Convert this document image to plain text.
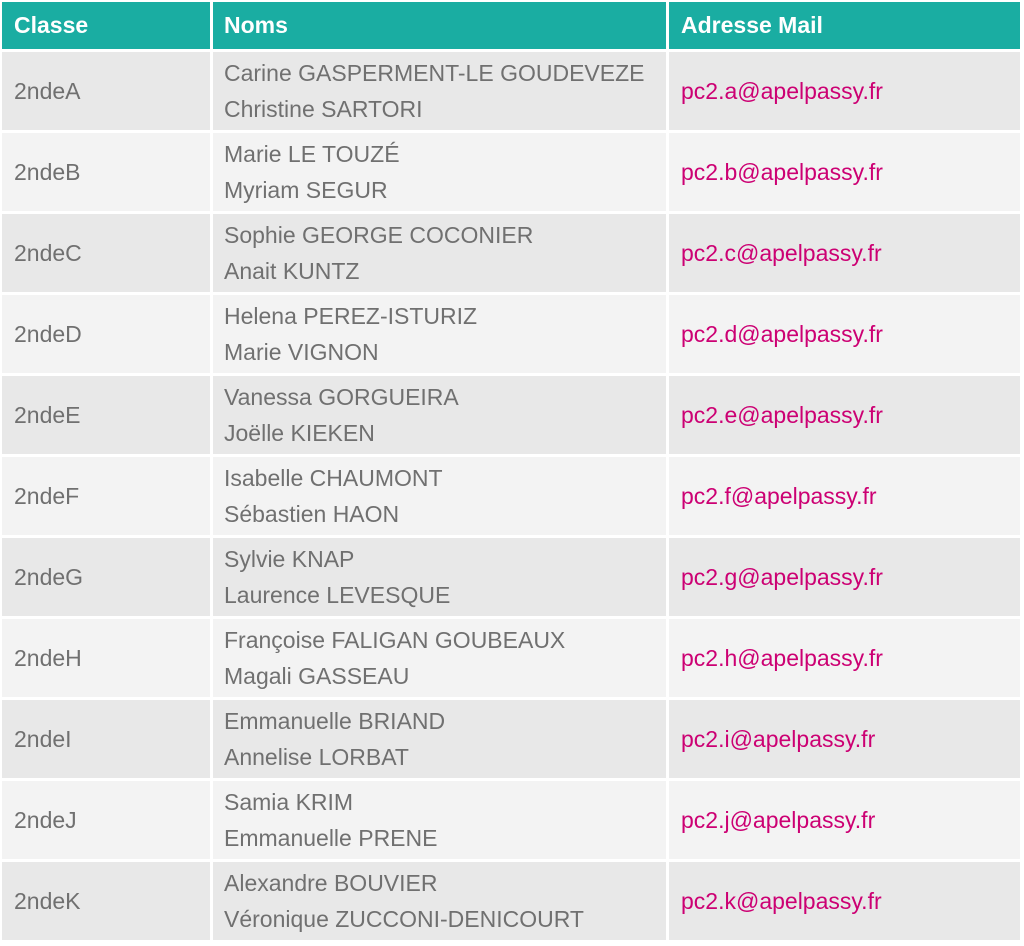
Classe	Noms	Adresse Mail
2ndeA
Carine GASPERMENT-LE GOUDEVEZE
Christine SARTORI
pc2.a@apelpassy.fr
2ndeB
Marie LE TOUZÉ
Myriam SEGUR
pc2.b@apelpassy.fr
2ndeC
Sophie GEORGE COCONIER
Anait KUNTZ
pc2.c@apelpassy.fr
2ndeD
Helena PEREZ-ISTURIZ
Marie VIGNON
pc2.d@apelpassy.fr
2ndeE
Vanessa GORGUEIRA
Joëlle KIEKEN
pc2.e@apelpassy.fr
2ndeF
Isabelle CHAUMONT
Sébastien HAON
pc2.f@apelpassy.fr
2ndeG
Sylvie KNAP
Laurence LEVESQUE
pc2.g@apelpassy.fr
2ndeH
Françoise FALIGAN GOUBEAUX
Magali GASSEAU
pc2.h@apelpassy.fr
2ndeI
Emmanuelle BRIAND
Annelise LORBAT
pc2.i@apelpassy.fr
2ndeJ
Samia KRIM
Emmanuelle PRENE
pc2.j@apelpassy.fr
2ndeK
Alexandre BOUVIER
Véronique ZUCCONI-DENICOURT
pc2.k@apelpassy.fr
